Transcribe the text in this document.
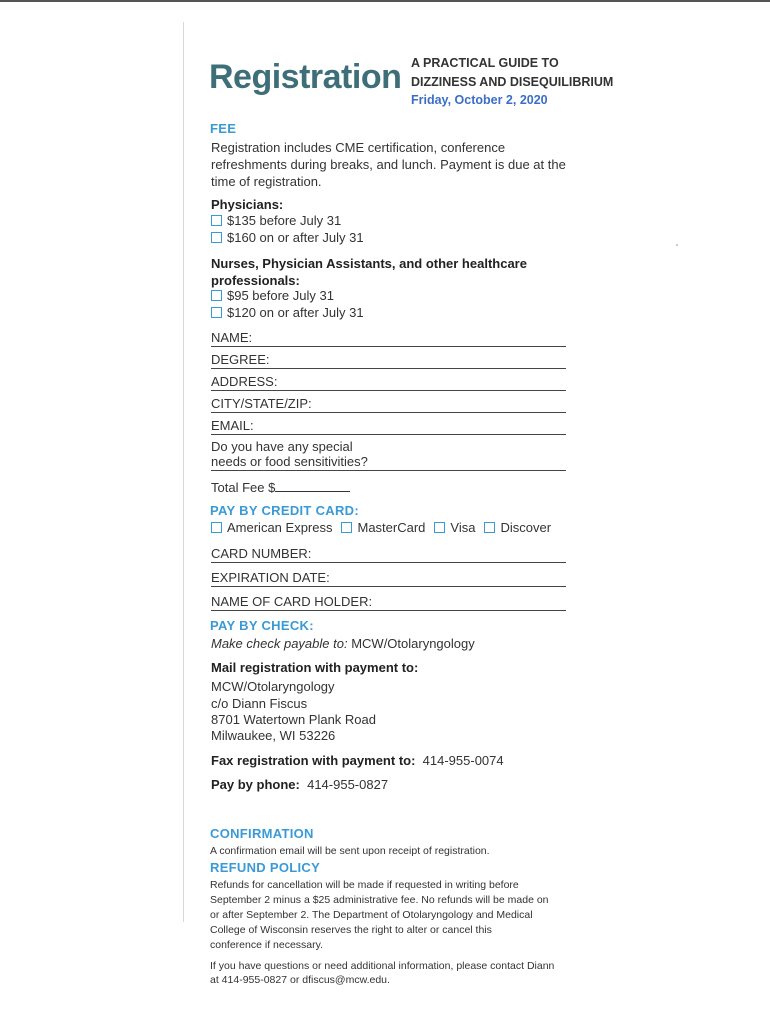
Registration A PRACTICAL GUIDE TO
DIZZINESS AND DISEQUILIBRIUM
Friday, October 2, 2020
FEE
Registration includes CME certification, conference
refreshments during breaks, and lunch. Payment is due at the
time of registration.
Physicians:
$135 before July 31
$160 on or after July 31
Nurses, Physician Assistants, and other healthcare
professionals:
$95 before July 31
$120 on or after July 31
NAME:
DEGREE:
ADDRESS:
CITY/STATE/ZIP:
EMAIL:
Do you have any special
needs or food sensitivities?
Total Fee $
PAY BY CREDIT CARD:
American Express MasterCard Visa Discover
CARD NUMBER:
EXPIRATION DATE:
NAME OF CARD HOLDER:
PAY BY CHECK:
Make check payable to: MCW/Otolaryngology
Mail registration with payment to:
MCW/Otolaryngology
c/o Diann Fiscus
8701 Watertown Plank Road
Milwaukee, WI 53226
Fax registration with payment to: 414-955-0074
Pay by phone: 414-955-0827
CONFIRMATION
A confirmation email will be sent upon receipt of registration.
REFUND POLICY
Refunds for cancellation will be made if requested in writing before
September 2 minus a $25 administrative fee. No refunds will be made on
or after September 2. The Department of Otolaryngology and Medical
College of Wisconsin reserves the right to alter or cancel this
conference if necessary.
If you have questions or need additional information, please contact Diann
at 414-955-0827 or dfiscus@mcw.edu.
